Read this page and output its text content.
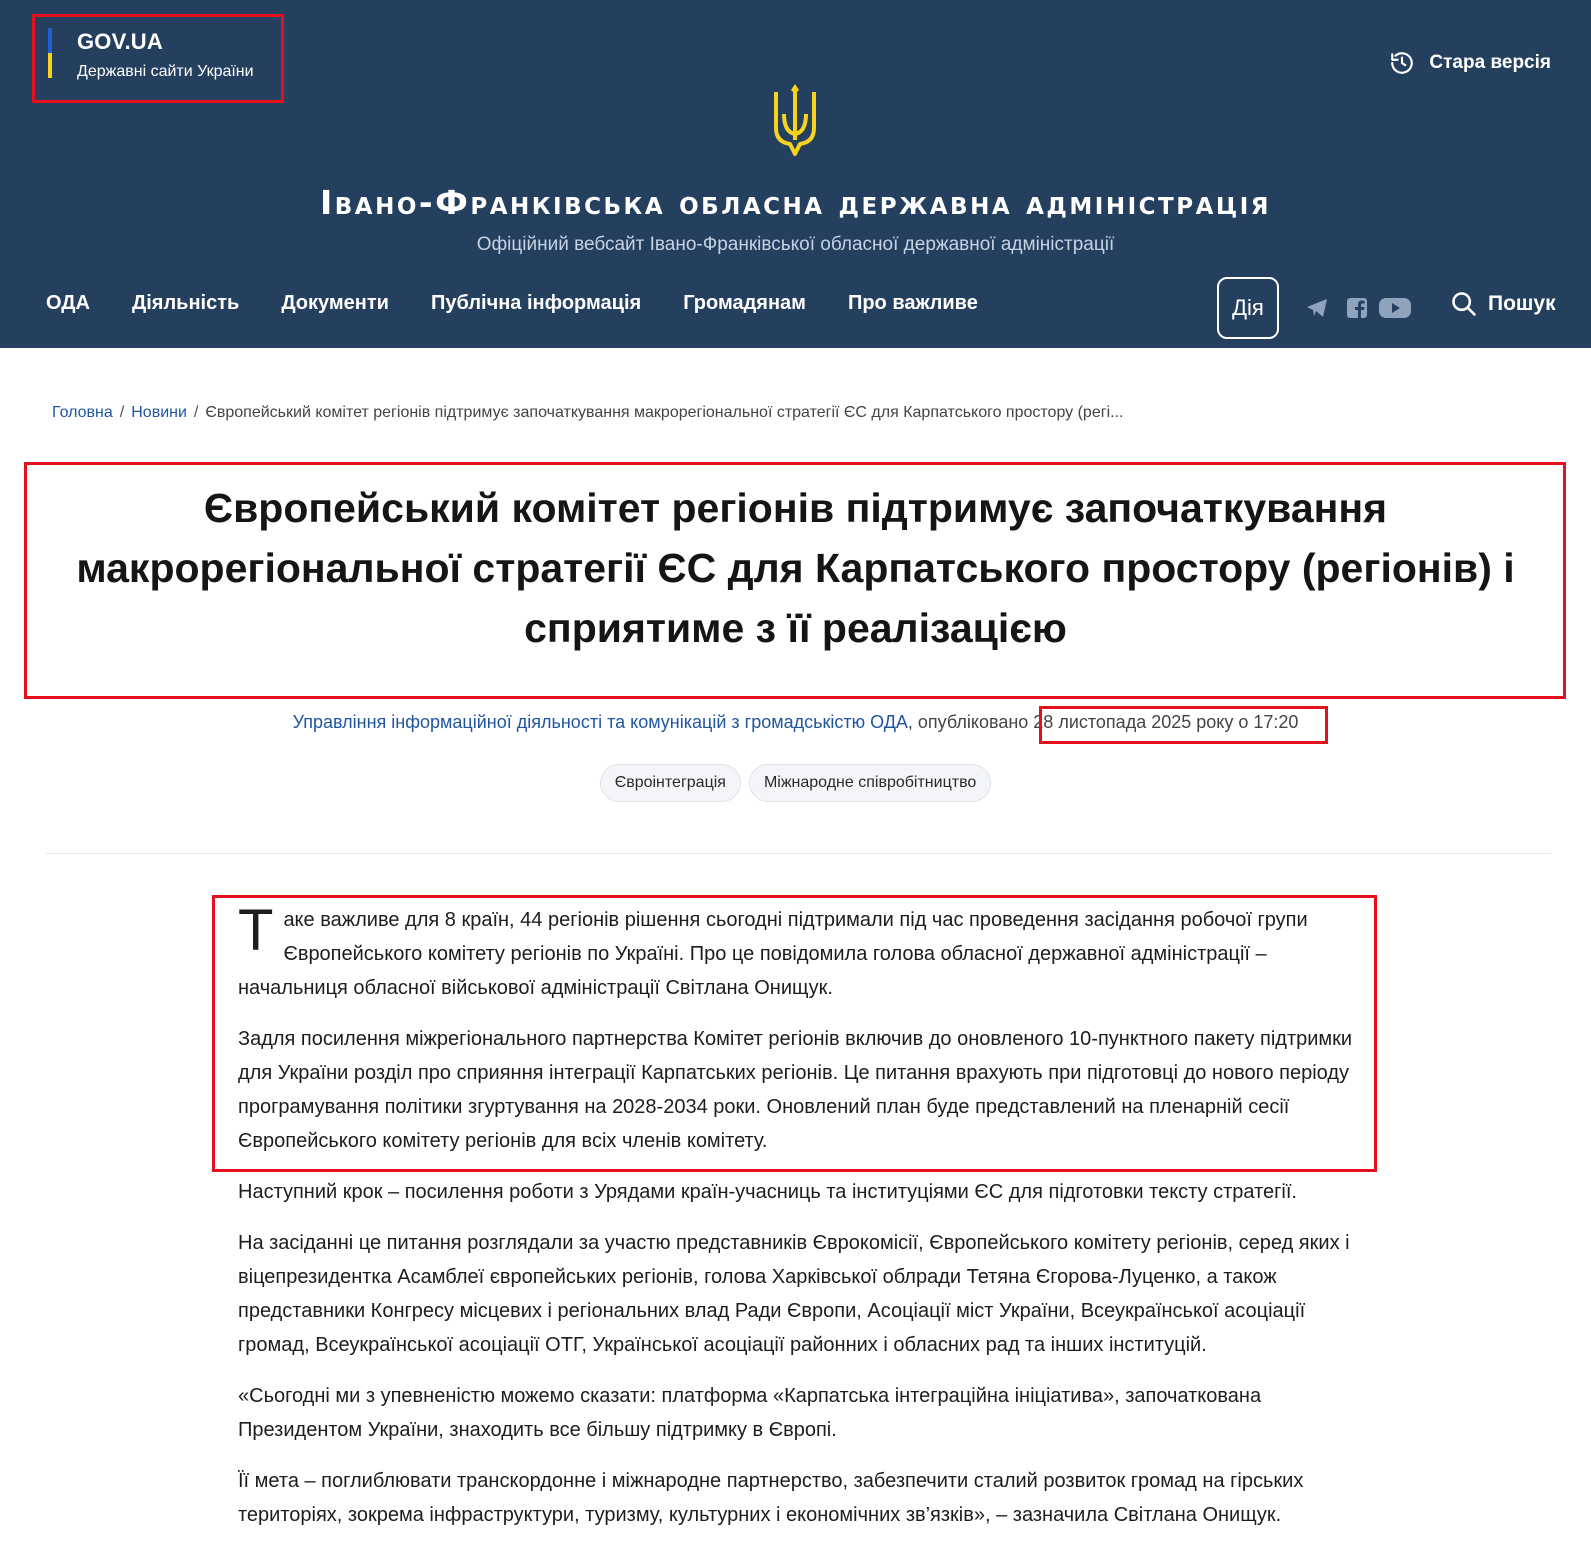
GOV.UA
Державні сайти України	Стара версія
Івано-Франківська обласна державна адміністрація
Офіційний вебсайт Івано-Франківської обласної державної адміністрації
ОДА Діяльність Документи Публічна інформація Громадянам Про важливе	Дія	Пошук
Головна / Новини / Європейський комітет регіонів підтримує започаткування макрорегіональної стратегії ЄС для Карпатського простору (регі...
Європейський комітет регіонів підтримує започаткування макрорегіональної стратегії ЄС для Карпатського простору (регіонів) і сприятиме з її реалізацією
Управління інформаційної діяльності та комунікацій з громадськістю ОДА, опубліковано 28 листопада 2025 року о 17:20
Євроінтеграція	Міжнародне співробітництво

Таке важливе для 8 країн, 44 регіонів рішення сьогодні підтримали під час проведення засідання робочої групи Європейського комітету регіонів по Україні. Про це повідомила голова обласної державної адміністрації – начальниця обласної військової адміністрації Світлана Онищук.

Задля посилення міжрегіонального партнерства Комітет регіонів включив до оновленого 10-пунктного пакету підтримки для України розділ про сприяння інтеграції Карпатських регіонів. Це питання врахують при підготовці до нового періоду програмування політики згуртування на 2028-2034 роки. Оновлений план буде представлений на пленарній сесії Європейського комітету регіонів для всіх членів комітету.

Наступний крок – посилення роботи з Урядами країн-учасниць та інституціями ЄС для підготовки тексту стратегії.

На засіданні це питання розглядали за участю представників Єврокомісії, Європейського комітету регіонів, серед яких і віцепрезидентка Асамблеї європейських регіонів, голова Харківської облради Тетяна Єгорова-Луценко, а також представники Конгресу місцевих і регіональних влад Ради Європи, Асоціації міст України, Всеукраїнської асоціації громад, Всеукраїнської асоціації ОТГ, Української асоціації районних і обласних рад та інших інституцій.

«Сьогодні ми з упевненістю можемо сказати: платформа «Карпатська інтеграційна ініціатива», започаткована Президентом України, знаходить все більшу підтримку в Європі.

Її мета – поглиблювати транскордонне і міжнародне партнерство, забезпечити сталий розвиток громад на гірських територіях, зокрема інфраструктури, туризму, культурних і економічних зв’язків», – зазначила Світлана Онищук.
